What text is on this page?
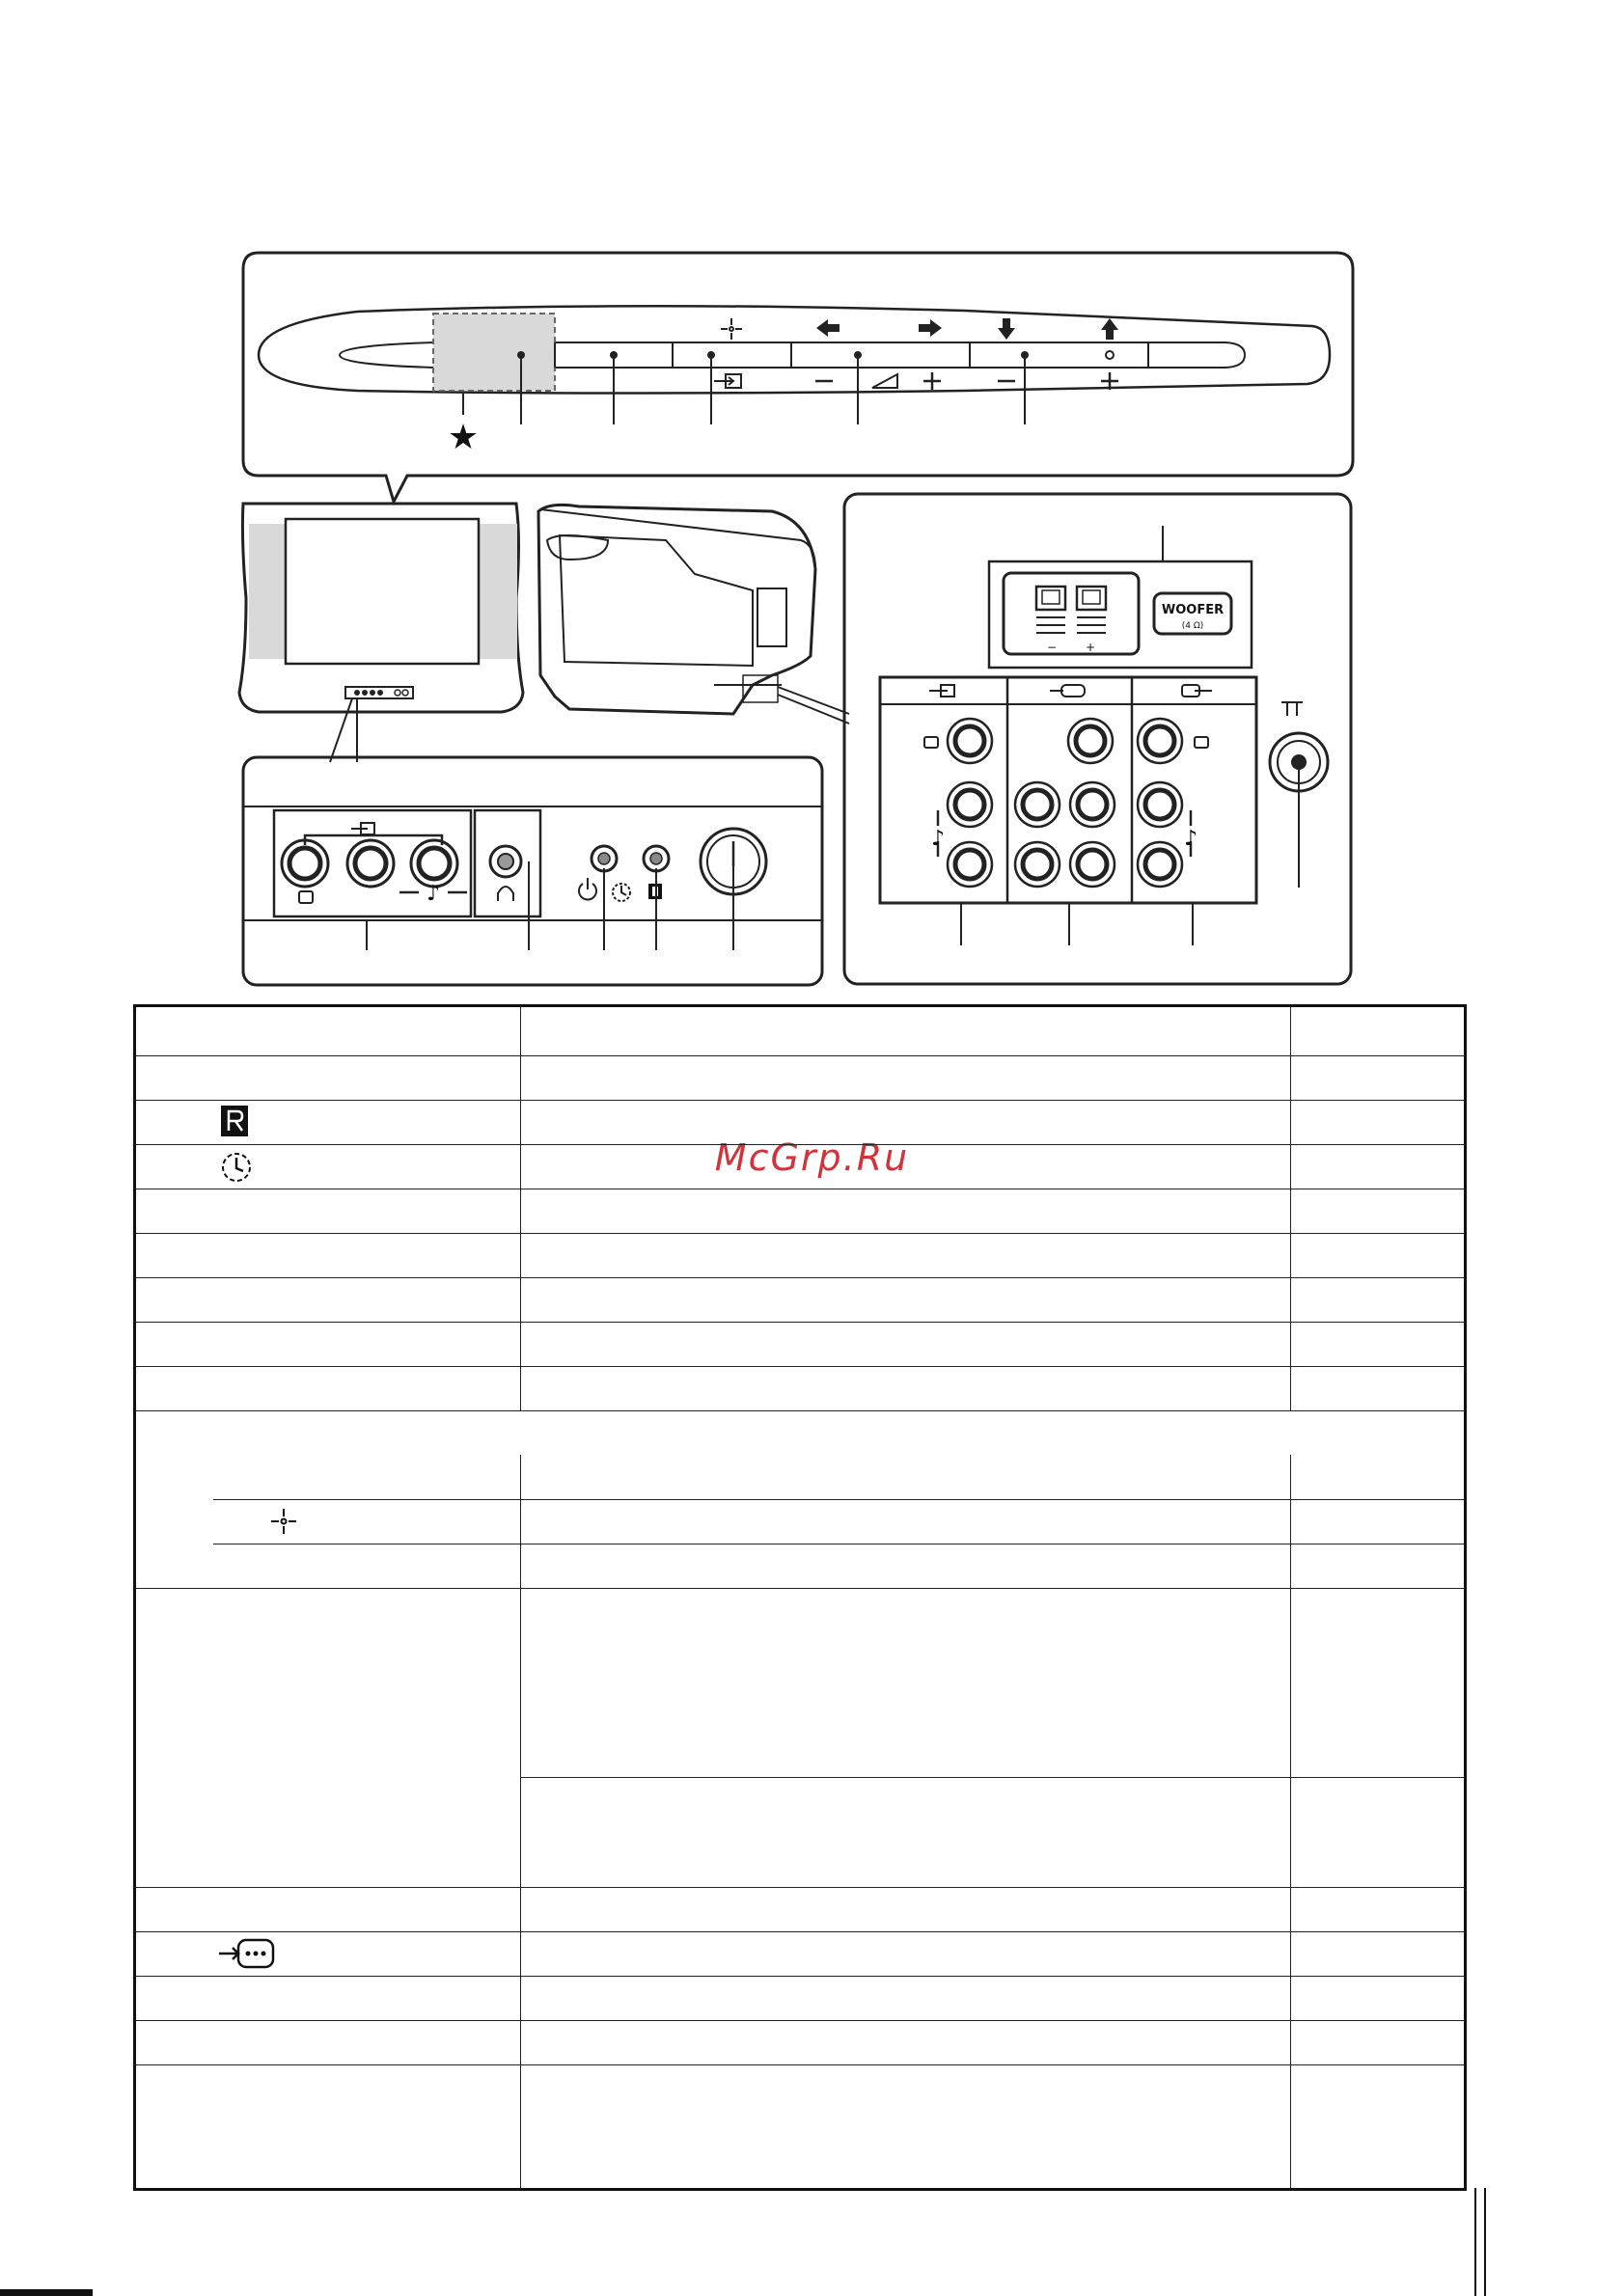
★
♪
♪	♪
WOOFER
(4 Ω)
− +
McGrp.Ru
